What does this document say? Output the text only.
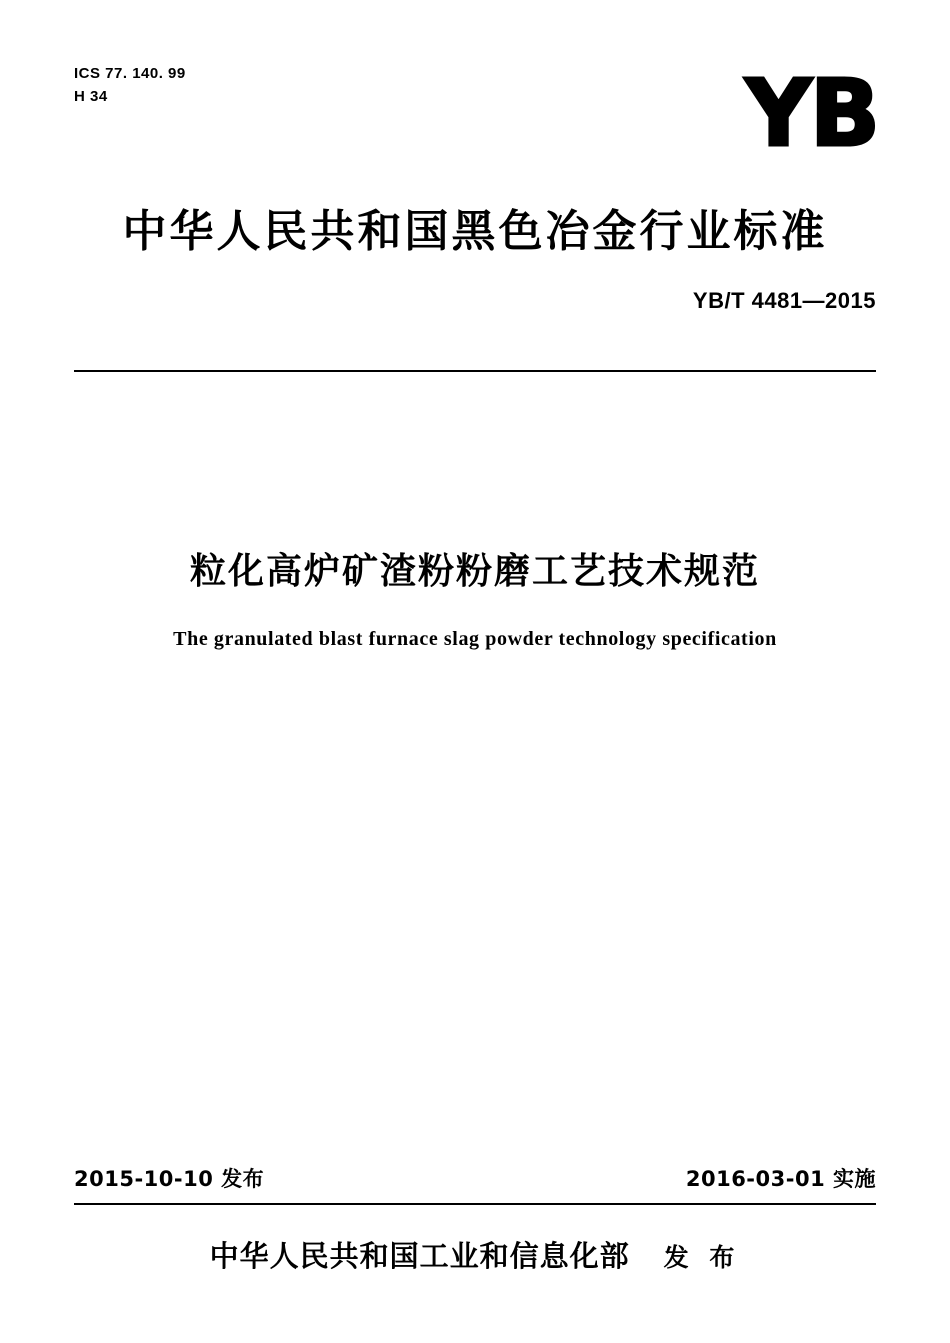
ICS 77. 140. 99
H 34	YB
中华人民共和国黑色冶金行业标准
YB/T 4481—2015
粒化高炉矿渣粉粉磨工艺技术规范
The granulated blast furnace slag powder technology specification
2015-10-10 发布	2016-03-01 实施
中华人民共和国工业和信息化部 发 布
